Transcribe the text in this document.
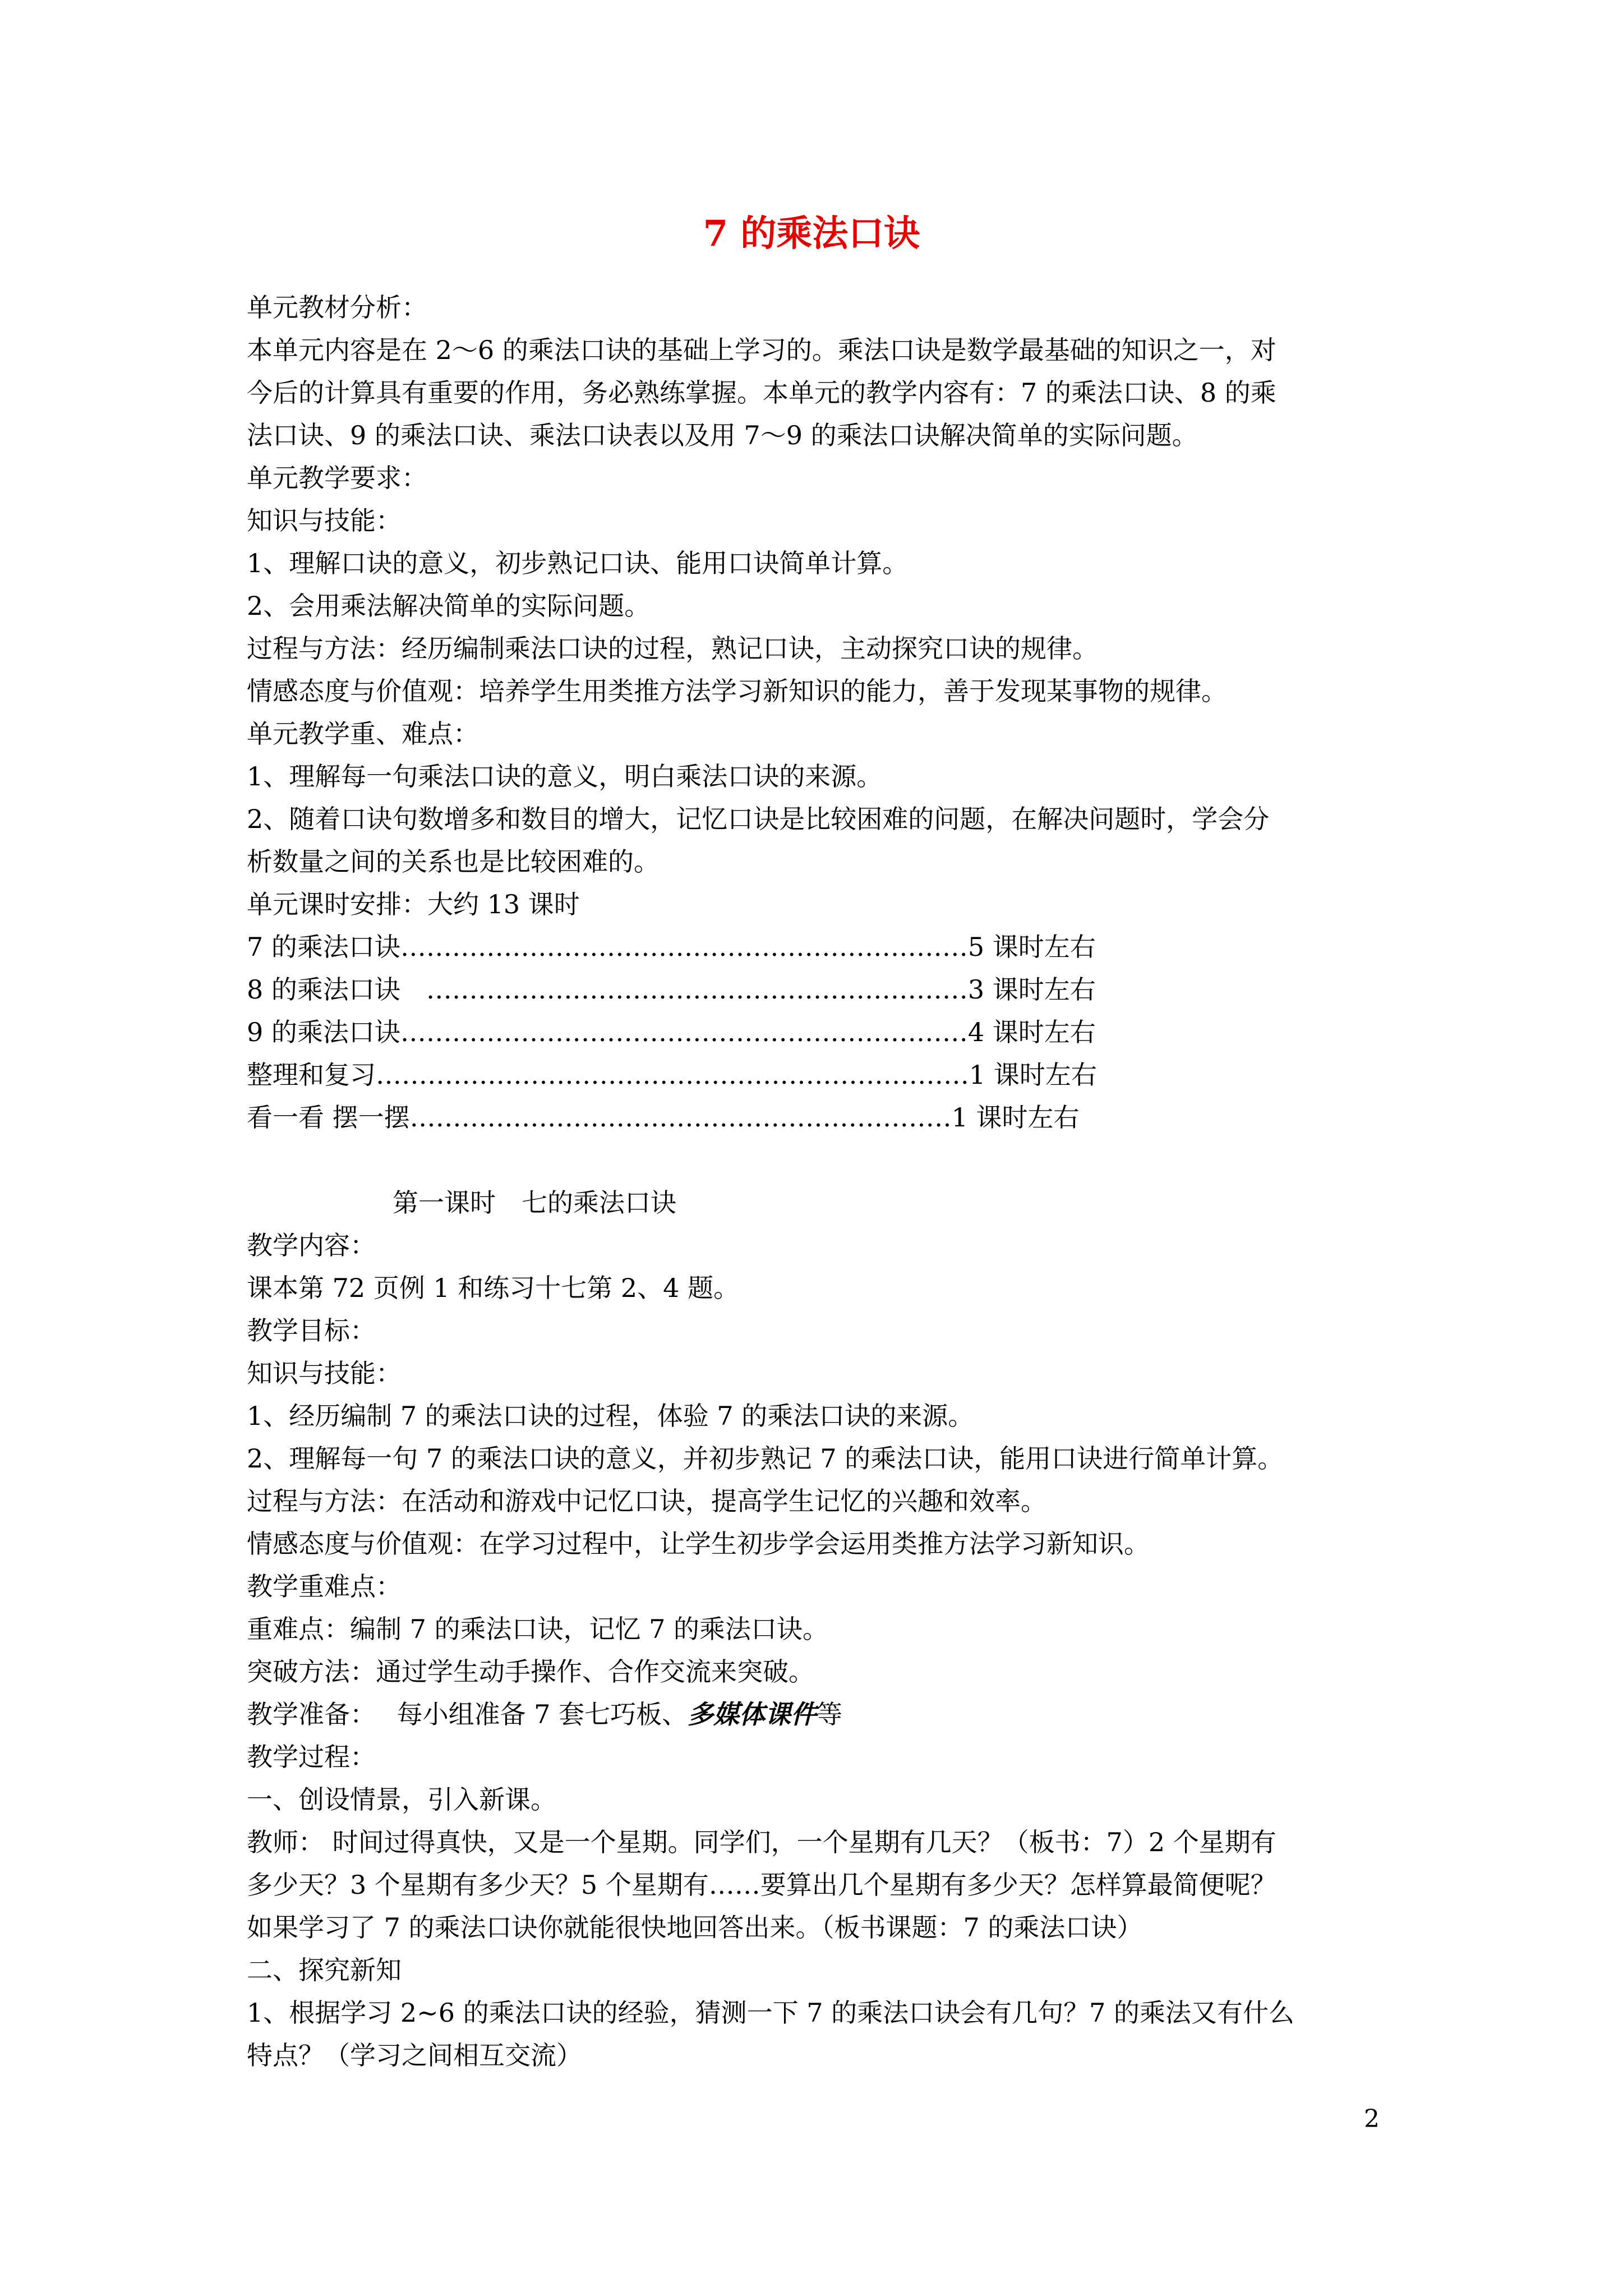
7 的乘法口诀
单元教材分析：
本单元内容是在 2～6 的乘法口诀的基础上学习的。乘法口诀是数学最基础的知识之一，对
今后的计算具有重要的作用，务必熟练掌握。本单元的教学内容有：7 的乘法口诀、8 的乘
法口诀、9 的乘法口诀、乘法口诀表以及用 7～9 的乘法口诀解决简单的实际问题。
单元教学要求：
知识与技能：
1、理解口诀的意义，初步熟记口诀、能用口诀简单计算。
2、会用乘法解决简单的实际问题。
过程与方法：经历编制乘法口诀的过程，熟记口诀，主动探究口诀的规律。
情感态度与价值观：培养学生用类推方法学习新知识的能力，善于发现某事物的规律。
单元教学重、难点：
1、理解每一句乘法口诀的意义，明白乘法口诀的来源。
2、随着口诀句数增多和数目的增大，记忆口诀是比较困难的问题，在解决问题时，学会分
析数量之间的关系也是比较困难的。
单元课时安排：大约 13 课时
7 的乘法口诀 ………………………………………………………… 5 课时左右
8 的乘法口诀　 ……………………………………………………… 3 课时左右
9 的乘法口诀 ………………………………………………………… 4 课时左右
整理和复习 …………………………………………………………… 1 课时左右
看一看 摆一摆 ……………………………………………………… 1 课时左右
第一课时　七的乘法口诀
教学内容：
课本第 72 页例 1 和练习十七第 2、4 题。
教学目标：
知识与技能：
1、经历编制 7 的乘法口诀的过程，体验 7 的乘法口诀的来源。
2、理解每一句 7 的乘法口诀的意义，并初步熟记 7 的乘法口诀，能用口诀进行简单计算。
过程与方法：在活动和游戏中记忆口诀，提高学生记忆的兴趣和效率。
情感态度与价值观：在学习过程中，让学生初步学会运用类推方法学习新知识。
教学重难点：
重难点：编制 7 的乘法口诀，记忆 7 的乘法口诀。
突破方法：通过学生动手操作、合作交流来突破。
教学准备：　 每小组准备 7 套七巧板、多媒体课件等
教学过程：
一、创设情景，引入新课。
教师： 时间过得真快，又是一个星期。同学们，一个星期有几天？（板书：7）2 个星期有
多少天？3 个星期有多少天？5 个星期有……要算出几个星期有多少天？怎样算最简便呢？
如果学习了 7 的乘法口诀你就能很快地回答出来。（板书课题：7 的乘法口诀）
二、探究新知
1、根据学习 2~6 的乘法口诀的经验，猜测一下 7 的乘法口诀会有几句？7 的乘法又有什么
特点？（学习之间相互交流）
2
